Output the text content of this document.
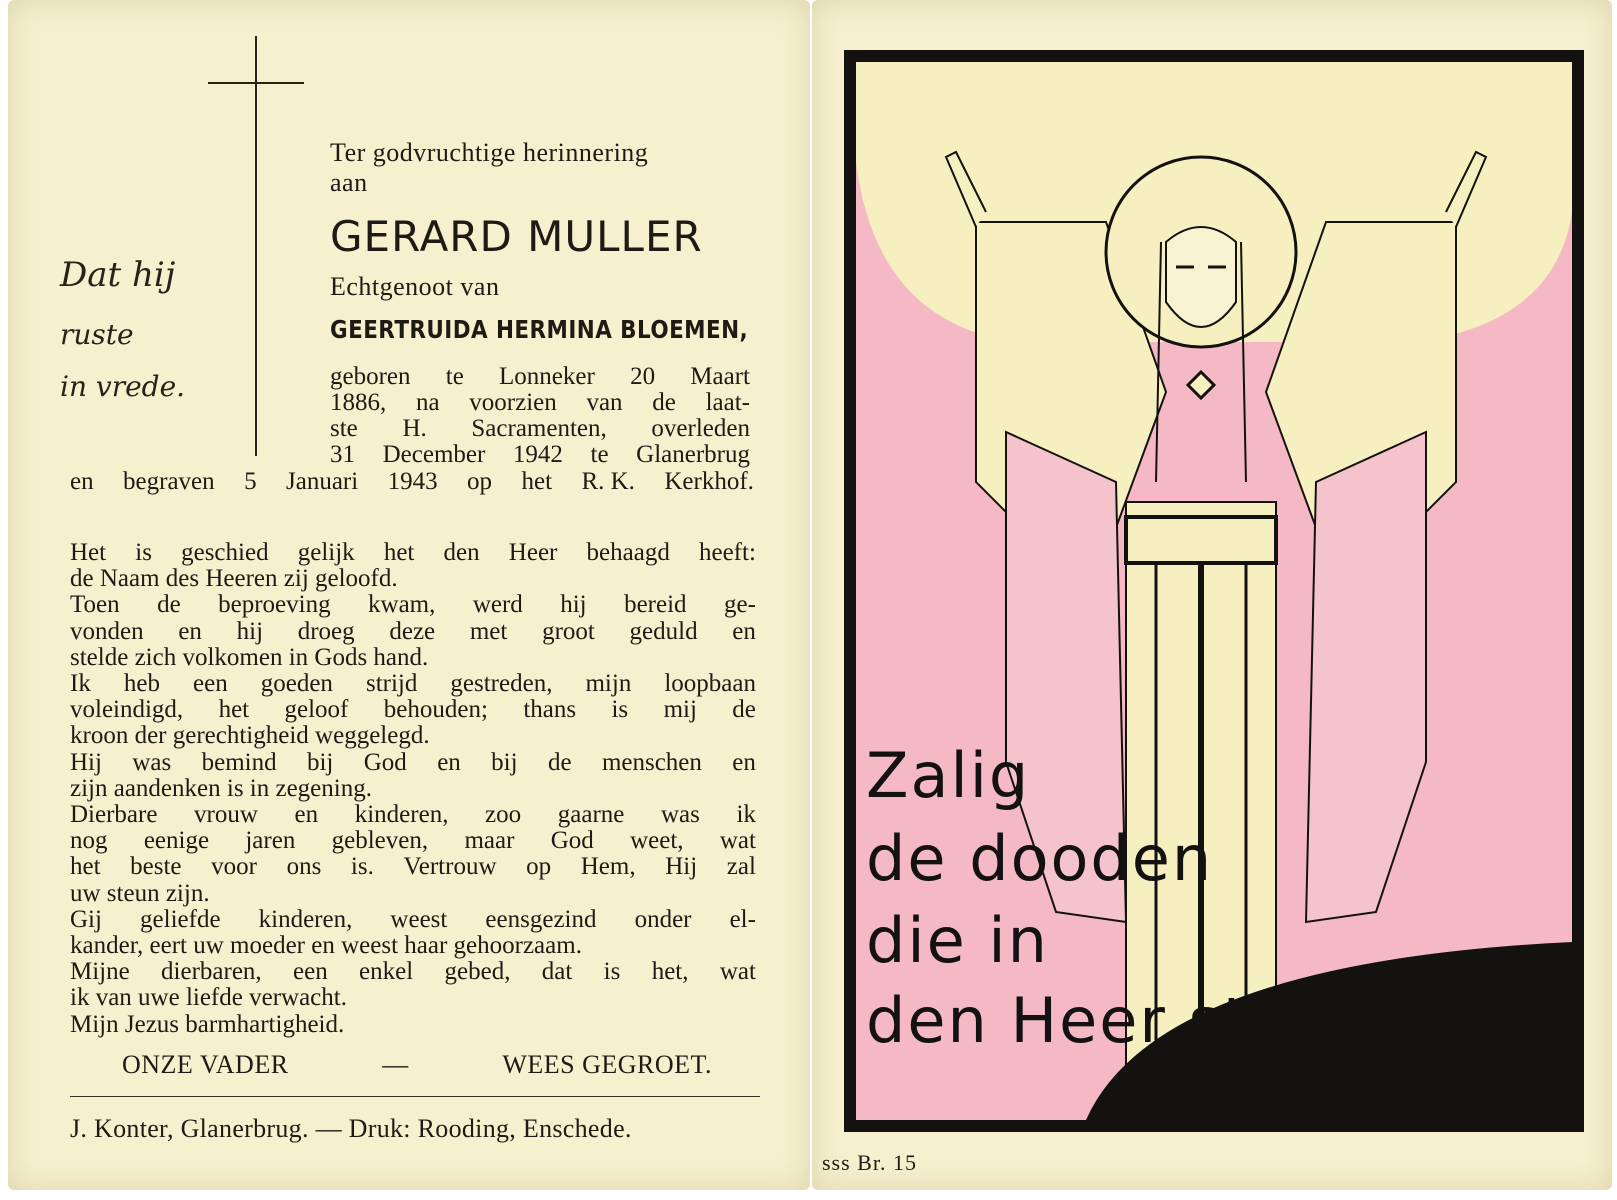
Dat hij
ruste
in vrede.
Ter godvruchtige herinnering
aan
GERARD MULLER
Echtgenoot van
GEERTRUIDA HERMINA BLOEMEN,
geboren te Lonneker 20 Maart
1886, na voorzien van de laat-
ste H. Sacramenten, overleden
31 December 1942 te Glanerbrug
en begraven 5 Januari 1943 op het R. K. Kerkhof.
Het is geschied gelijk het den Heer behaagd heeft:
de Naam des Heeren zij geloofd.
Toen de beproeving kwam, werd hij bereid ge-
vonden en hij droeg deze met groot geduld en
stelde zich volkomen in Gods hand.
Ik heb een goeden strijd gestreden, mijn loopbaan
voleindigd, het geloof behouden; thans is mij de
kroon der gerechtigheid weggelegd.
Hij was bemind bij God en bij de menschen en
zijn aandenken is in zegening.
Dierbare vrouw en kinderen, zoo gaarne was ik
nog eenige jaren gebleven, maar God weet, wat
het beste voor ons is. Vertrouw op Hem, Hij zal
uw steun zijn.
Gij geliefde kinderen, weest eensgezind onder el-
kander, eert uw moeder en weest haar gehoorzaam.
Mijne dierbaren, een enkel gebed, dat is het, wat
ik van uwe liefde verwacht.
Mijn Jezus barmhartigheid.
ONZE VADER	—	WEES GEGROET.
J. Konter, Glanerbrug. — Druk: Rooding, Enschede.
Zalig
de dooden
die in
den Heer sterven !
openb. 14:13.
CvH
sss Br. 15
